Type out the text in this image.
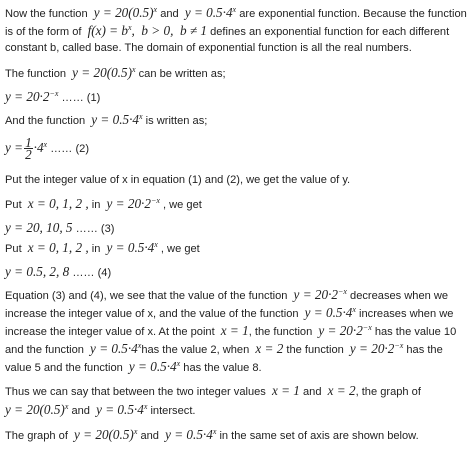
Now the function $y = 20(0.5)^x$ and $y = 0.5\cdot 4^x$ are exponential function. Because the function
is of the form of $f(x) = b^x$,  b > 0,  b ≠ 1 defines an exponential function for each different
constant b, called base. The domain of exponential function is all the real numbers.
The function $y = 20(0.5)^x$ can be written as;
$y = 20\cdot 2^{-x}$ …… (1)
And the function $y = 0.5\cdot 4^x$ is written as;
$y = \frac{1}{2} \cdot 4^x$ …… (2)
Put the integer value of x in equation (1) and (2), we get the value of y.
Put x = 0, 1, 2 , in $y = 20\cdot 2^{-x}$ , we get
y = 20, 10, 5 …… (3)
Put x = 0, 1, 2 , in $y = 0.5\cdot 4^x$ , we get
y = 0.5, 2, 8 …… (4)
Equation (3) and (4), we see that the value of the function $y = 20\cdot 2^{-x}$ decreases when we
increase the integer value of x, and the value of the function $y = 0.5\cdot 4^x$ increases when we
increase the integer value of x. At the point x = 1, the function $y = 20\cdot 2^{-x}$ has the value 10
and the function $y = 0.5\cdot 4^xhas$ the value 2, when x = 2 the function $y = 20\cdot 2^{-x}$ has the
value 5 and the function $y = 0.5\cdot 4^x$ has the value 8.
Thus we can say that between the two integer values x = 1 and x = 2, the graph of
$y = 20(0.5)^x$ and $y = 0.5\cdot 4^x$ intersect.
The graph of $y = 20(0.5)^x$ and $y = 0.5\cdot 4^x$ in the same set of axis are shown below.
